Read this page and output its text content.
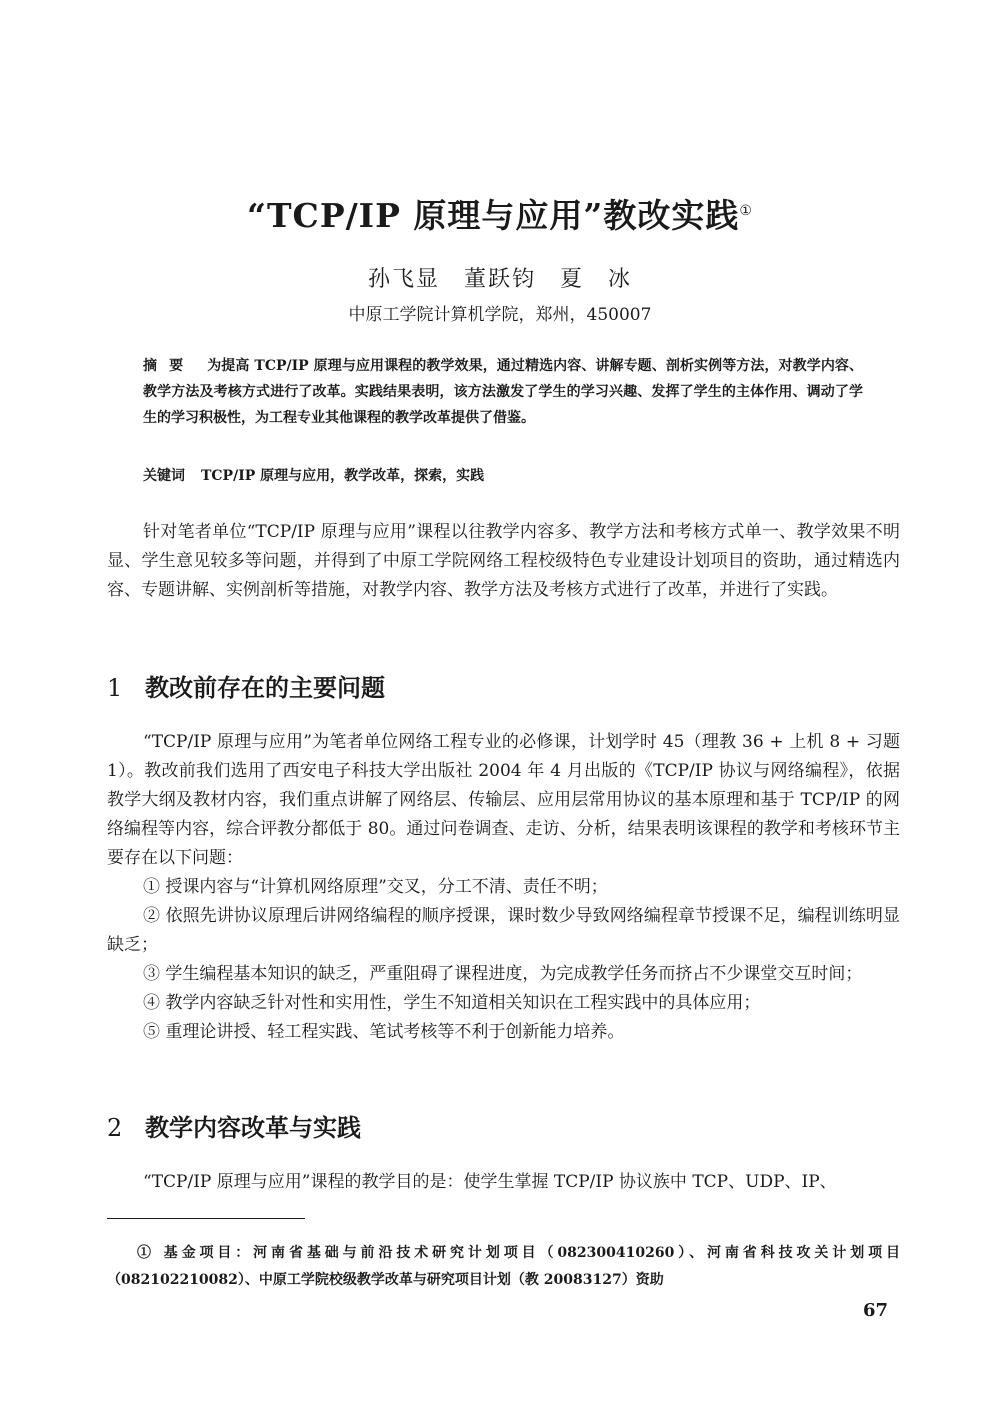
“TCP/IP 原理与应用”教改实践①
孙飞显　董跃钧　夏　冰
中原工学院计算机学院，郑州，450007
摘要 为提高 TCP/IP 原理与应用课程的教学效果，通过精选内容、讲解专题、剖析实例等方法，对教学内容、教学方法及考核方式进行了改革。实践结果表明，该方法激发了学生的学习兴趣、发挥了学生的主体作用、调动了学生的学习积极性，为工程专业其他课程的教学改革提供了借鉴。
关键词 TCP/IP 原理与应用，教学改革，探索，实践

针对笔者单位“TCP/IP 原理与应用”课程以往教学内容多、教学方法和考核方式单一、教学效果不明显、学生意见较多等问题，并得到了中原工学院网络工程校级特色专业建设计划项目的资助，通过精选内容、专题讲解、实例剖析等措施，对教学内容、教学方法及考核方式进行了改革，并进行了实践。

1 教改前存在的主要问题

“TCP/IP 原理与应用”为笔者单位网络工程专业的必修课，计划学时 45（理教 36 + 上机 8 + 习题 1）。教改前我们选用了西安电子科技大学出版社 2004 年 4 月出版的《TCP/IP 协议与网络编程》，依据教学大纲及教材内容，我们重点讲解了网络层、传输层、应用层常用协议的基本原理和基于 TCP/IP 的网络编程等内容，综合评教分都低于 80。通过问卷调查、走访、分析，结果表明该课程的教学和考核环节主要存在以下问题：

① 授课内容与“计算机网络原理”交叉，分工不清、责任不明；

② 依照先讲协议原理后讲网络编程的顺序授课，课时数少导致网络编程章节授课不足，编程训练明显缺乏；

③ 学生编程基本知识的缺乏，严重阻碍了课程进度，为完成教学任务而挤占不少课堂交互时间；

④ 教学内容缺乏针对性和实用性，学生不知道相关知识在工程实践中的具体应用；

⑤ 重理论讲授、轻工程实践、笔试考核等不利于创新能力培养。

2 教学内容改革与实践

“TCP/IP 原理与应用”课程的教学目的是：使学生掌握 TCP/IP 协议族中 TCP、UDP、IP、

① 基金项目：河南省基础与前沿技术研究计划项目（082300410260）、河南省科技攻关计划项目（082102210082）、中原工学院校级教学改革与研究项目计划（教 20083127）资助
67
